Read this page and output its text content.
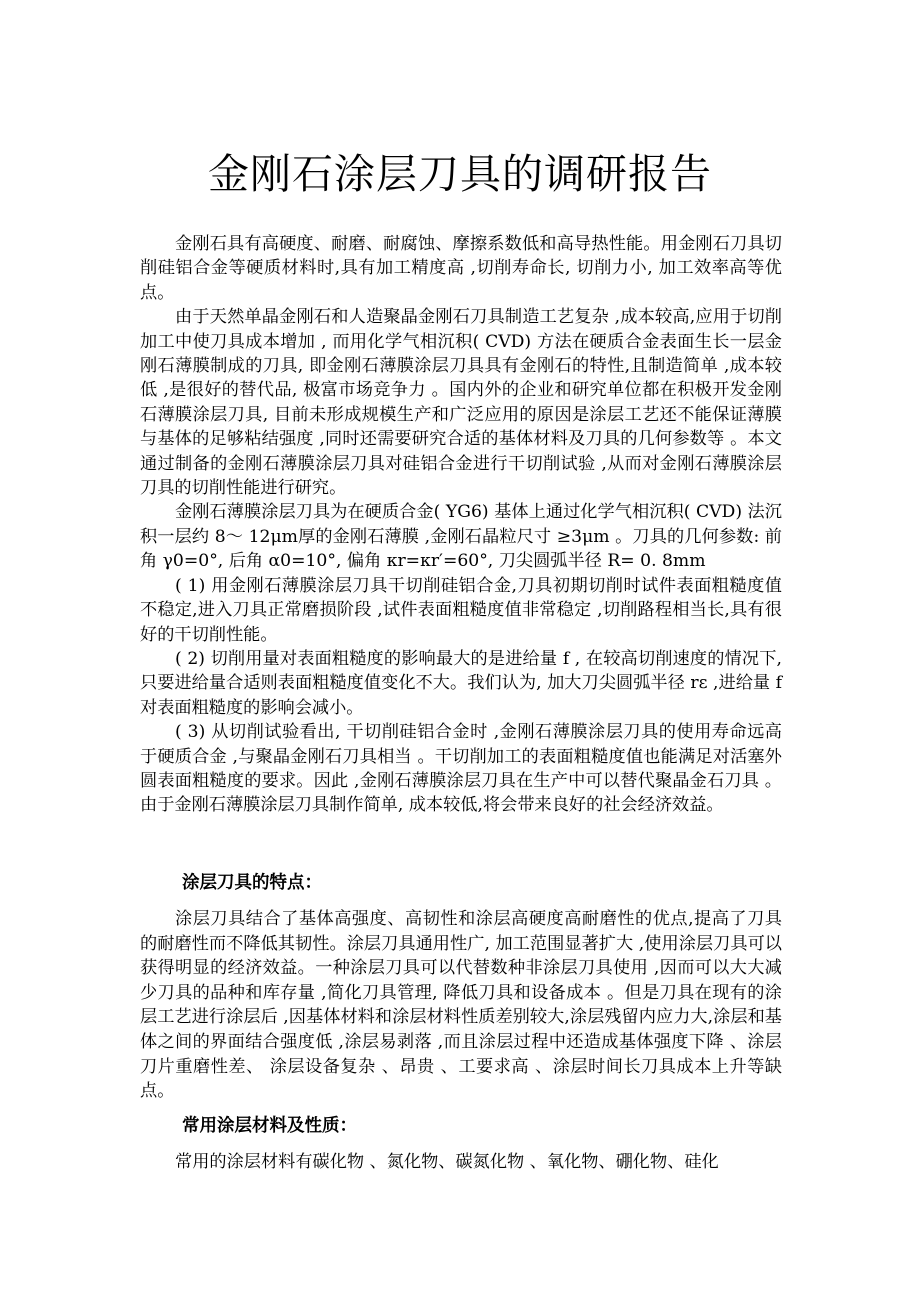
金刚石涂层刀具的调研报告

金刚石具有高硬度、耐磨、耐腐蚀、摩擦系数低和高导热性能。用金刚石刀具切削硅铝合金等硬质材料时,具有加工精度高 ,切削寿命长, 切削力小, 加工效率高等优点。

由于天然单晶金刚石和人造聚晶金刚石刀具制造工艺复杂 ,成本较高,应用于切削加工中使刀具成本增加 , 而用化学气相沉积( CVD) 方法在硬质合金表面生长一层金刚石薄膜制成的刀具, 即金刚石薄膜涂层刀具具有金刚石的特性,且制造简单 ,成本较低 ,是很好的替代品, 极富市场竞争力 。国内外的企业和研究单位都在积极开发金刚石薄膜涂层刀具, 目前未形成规模生产和广泛应用的原因是涂层工艺还不能保证薄膜与基体的足够粘结强度 ,同时还需要研究合适的基体材料及刀具的几何参数等 。本文通过制备的金刚石薄膜涂层刀具对硅铝合金进行干切削试验 ,从而对金刚石薄膜涂层刀具的切削性能进行研究。

金刚石薄膜涂层刀具为在硬质合金( YG6) 基体上通过化学气相沉积( CVD) 法沉积一层约 8～ 12μm厚的金刚石薄膜 ,金刚石晶粒尺寸 ≥3μm 。刀具的几何参数: 前角 γ0=0°, 后角 α0=10°, 偏角 κr=κr′=60°, 刀尖圆弧半径 R= 0. 8mm

( 1) 用金刚石薄膜涂层刀具干切削硅铝合金,刀具初期切削时试件表面粗糙度值不稳定,进入刀具正常磨损阶段 ,试件表面粗糙度值非常稳定 ,切削路程相当长,具有很好的干切削性能。

( 2) 切削用量对表面粗糙度的影响最大的是进给量 f , 在较高切削速度的情况下, 只要进给量合适则表面粗糙度值变化不大。我们认为, 加大刀尖圆弧半径 rε ,进给量 f 对表面粗糙度的影响会减小。

( 3) 从切削试验看出, 干切削硅铝合金时 ,金刚石薄膜涂层刀具的使用寿命远高于硬质合金 ,与聚晶金刚石刀具相当 。干切削加工的表面粗糙度值也能满足对活塞外圆表面粗糙度的要求。因此 ,金刚石薄膜涂层刀具在生产中可以替代聚晶金石刀具 。由于金刚石薄膜涂层刀具制作简单, 成本较低,将会带来良好的社会经济效益。

涂层刀具的特点：

涂层刀具结合了基体高强度、高韧性和涂层高硬度高耐磨性的优点,提高了刀具的耐磨性而不降低其韧性。涂层刀具通用性广, 加工范围显著扩大 ,使用涂层刀具可以获得明显的经济效益。一种涂层刀具可以代替数种非涂层刀具使用 ,因而可以大大减少刀具的品种和库存量 ,简化刀具管理, 降低刀具和设备成本 。但是刀具在现有的涂层工艺进行涂层后 ,因基体材料和涂层材料性质差别较大,涂层残留内应力大,涂层和基体之间的界面结合强度低 ,涂层易剥落 ,而且涂层过程中还造成基体强度下降 、涂层刀片重磨性差、 涂层设备复杂 、昂贵 、工要求高 、涂层时间长刀具成本上升等缺点。

常用涂层材料及性质：

常用的涂层材料有碳化物 、氮化物、碳氮化物 、氧化物、硼化物、硅化
